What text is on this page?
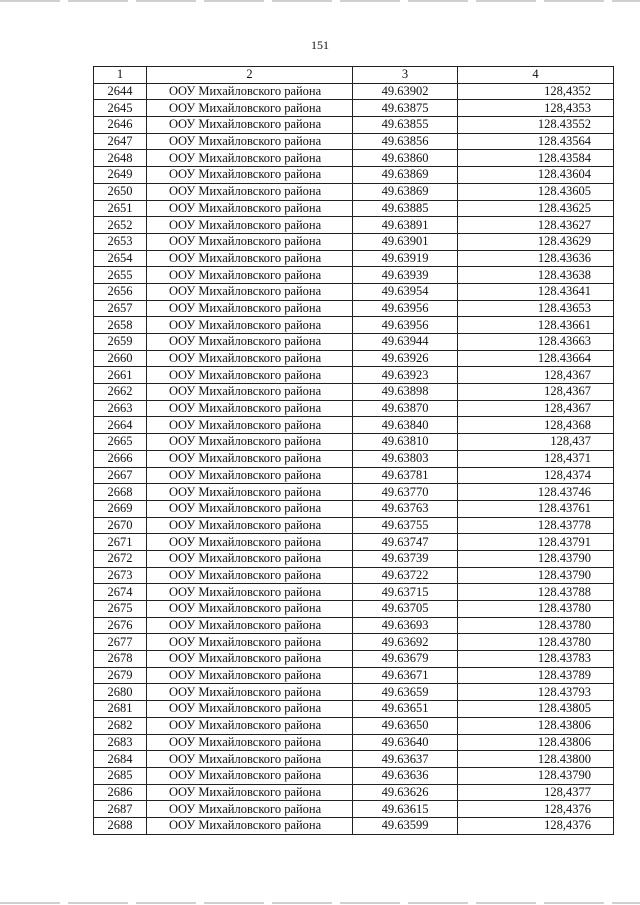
151
1	2	3	4
2644	ООУ Михайловского района	49.63902	128,4352
2645	ООУ Михайловского района	49.63875	128,4353
2646	ООУ Михайловского района	49.63855	128.43552
2647	ООУ Михайловского района	49.63856	128.43564
2648	ООУ Михайловского района	49.63860	128.43584
2649	ООУ Михайловского района	49.63869	128.43604
2650	ООУ Михайловского района	49.63869	128.43605
2651	ООУ Михайловского района	49.63885	128.43625
2652	ООУ Михайловского района	49.63891	128.43627
2653	ООУ Михайловского района	49.63901	128.43629
2654	ООУ Михайловского района	49.63919	128.43636
2655	ООУ Михайловского района	49.63939	128.43638
2656	ООУ Михайловского района	49.63954	128.43641
2657	ООУ Михайловского района	49.63956	128.43653
2658	ООУ Михайловского района	49.63956	128.43661
2659	ООУ Михайловского района	49.63944	128.43663
2660	ООУ Михайловского района	49.63926	128.43664
2661	ООУ Михайловского района	49.63923	128,4367
2662	ООУ Михайловского района	49.63898	128,4367
2663	ООУ Михайловского района	49.63870	128,4367
2664	ООУ Михайловского района	49.63840	128,4368
2665	ООУ Михайловского района	49.63810	128,437
2666	ООУ Михайловского района	49.63803	128,4371
2667	ООУ Михайловского района	49.63781	128,4374
2668	ООУ Михайловского района	49.63770	128.43746
2669	ООУ Михайловского района	49.63763	128.43761
2670	ООУ Михайловского района	49.63755	128.43778
2671	ООУ Михайловского района	49.63747	128.43791
2672	ООУ Михайловского района	49.63739	128.43790
2673	ООУ Михайловского района	49.63722	128.43790
2674	ООУ Михайловского района	49.63715	128.43788
2675	ООУ Михайловского района	49.63705	128.43780
2676	ООУ Михайловского района	49.63693	128.43780
2677	ООУ Михайловского района	49.63692	128.43780
2678	ООУ Михайловского района	49.63679	128.43783
2679	ООУ Михайловского района	49.63671	128.43789
2680	ООУ Михайловского района	49.63659	128.43793
2681	ООУ Михайловского района	49.63651	128.43805
2682	ООУ Михайловского района	49.63650	128.43806
2683	ООУ Михайловского района	49.63640	128.43806
2684	ООУ Михайловского района	49.63637	128.43800
2685	ООУ Михайловского района	49.63636	128.43790
2686	ООУ Михайловского района	49.63626	128,4377
2687	ООУ Михайловского района	49.63615	128,4376
2688	ООУ Михайловского района	49.63599	128,4376
